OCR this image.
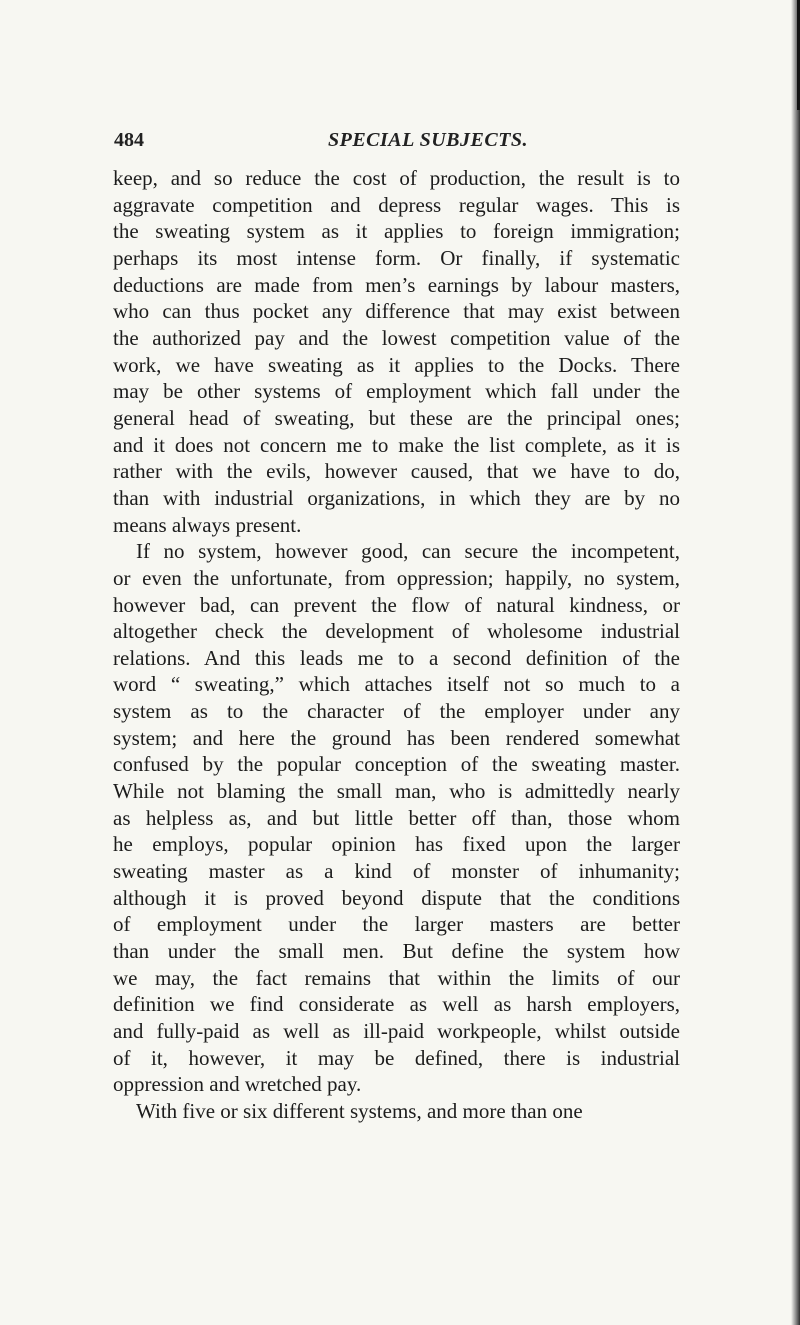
484	SPECIAL SUBJECTS.
keep, and so reduce the cost of production, the result is to
aggravate competition and depress regular wages. This is
the sweating system as it applies to foreign immigration;
perhaps its most intense form. Or finally, if systematic
deductions are made from men’s earnings by labour masters,
who can thus pocket any difference that may exist between
the authorized pay and the lowest competition value of the
work, we have sweating as it applies to the Docks. There
may be other systems of employment which fall under the
general head of sweating, but these are the principal ones;
and it does not concern me to make the list complete, as it is
rather with the evils, however caused, that we have to do,
than with industrial organizations, in which they are by no
means always present.
If no system, however good, can secure the incompetent,
or even the unfortunate, from oppression; happily, no system,
however bad, can prevent the flow of natural kindness, or
altogether check the development of wholesome industrial
relations. And this leads me to a second definition of the
word “ sweating,” which attaches itself not so much to a
system as to the character of the employer under any
system; and here the ground has been rendered somewhat
confused by the popular conception of the sweating master.
While not blaming the small man, who is admittedly nearly
as helpless as, and but little better off than, those whom
he employs, popular opinion has fixed upon the larger
sweating master as a kind of monster of inhumanity;
although it is proved beyond dispute that the conditions
of employment under the larger masters are better
than under the small men. But define the system how
we may, the fact remains that within the limits of our
definition we find considerate as well as harsh employers,
and fully-paid as well as ill-paid workpeople, whilst outside
of it, however, it may be defined, there is industrial
oppression and wretched pay.
With five or six different systems, and more than one
